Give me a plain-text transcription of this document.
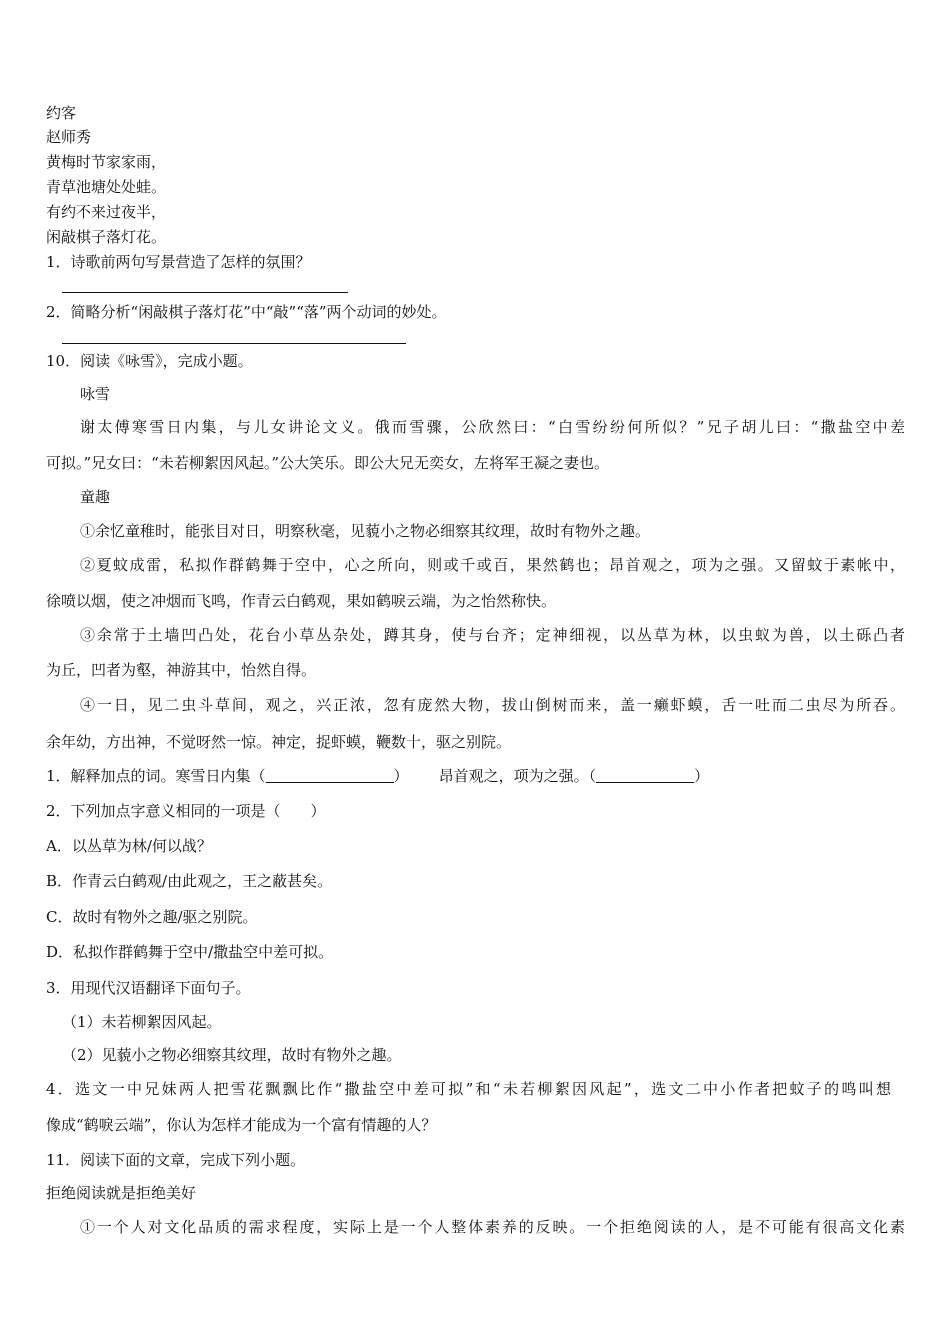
约客
赵师秀
黄梅时节家家雨，
青草池塘处处蛙。
有约不来过夜半，
闲敲棋子落灯花。
1．诗歌前两句写景营造了怎样的氛围？
2．简略分析“闲敲棋子落灯花”中“敲”“落”两个动词的妙处。
10．阅读《咏雪》，完成小题。
咏雪
谢太傅寒雪日内集，与儿女讲论文义。俄而雪骤，公欣然曰：“白雪纷纷何所似？”兄子胡儿曰：“撒盐空中差
可拟。”兄女曰：“未若柳絮因风起。”公大笑乐。即公大兄无奕女，左将军王凝之妻也。
童趣
①余忆童稚时，能张目对日，明察秋毫，见藐小之物必细察其纹理，故时有物外之趣。
②夏蚊成雷，私拟作群鹤舞于空中，心之所向，则或千或百，果然鹤也；昂首观之，项为之强。又留蚊于素帐中，
徐喷以烟，使之冲烟而飞鸣，作青云白鹤观，果如鹤唳云端，为之怡然称快。
③余常于土墙凹凸处，花台小草丛杂处，蹲其身，使与台齐；定神细视，以丛草为林，以虫蚁为兽，以土砾凸者
为丘，凹者为壑，神游其中，怡然自得。
④一日，见二虫斗草间，观之，兴正浓，忽有庞然大物，拔山倒树而来，盖一癞虾蟆，舌一吐而二虫尽为所吞。
余年幼，方出神，不觉呀然一惊。神定，捉虾蟆，鞭数十，驱之别院。
1．解释加点的词。寒雪日内集（	） 昂首观之，项为之强。（	）
2．下列加点字意义相同的一项是（　　）
A．以丛草为林/何以战？
B．作青云白鹤观/由此观之，王之蔽甚矣。
C．故时有物外之趣/驱之别院。
D．私拟作群鹤舞于空中/撒盐空中差可拟。
3．用现代汉语翻译下面句子。
（1）未若柳絮因风起。
（2）见藐小之物必细察其纹理，故时有物外之趣。
4．选文一中兄妹两人把雪花飘飘比作“撒盐空中差可拟”和“未若柳絮因风起”，选文二中小作者把蚊子的鸣叫想
像成“鹤唳云端”，你认为怎样才能成为一个富有情趣的人？
11．阅读下面的文章，完成下列小题。
拒绝阅读就是拒绝美好
①一个人对文化品质的需求程度，实际上是一个人整体素养的反映。一个拒绝阅读的人，是不可能有很高文化素
